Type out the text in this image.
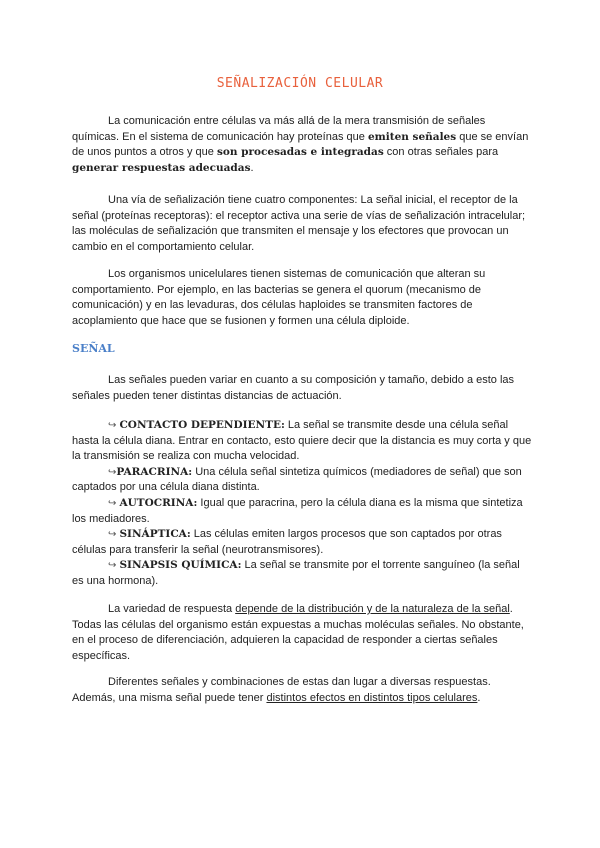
SEÑALIZACIÓN CELULAR

La comunicación entre células va más allá de la mera transmisión de señales químicas. En el sistema de comunicación hay proteínas que emiten señales que se envían de unos puntos a otros y que son procesadas e integradas con otras señales para generar respuestas adecuadas.

Una vía de señalización tiene cuatro componentes: La señal inicial, el receptor de la señal (proteínas receptoras): el receptor activa una serie de vías de señalización intracelular; las moléculas de señalización que transmiten el mensaje y los efectores que provocan un cambio en el comportamiento celular.

Los organismos unicelulares tienen sistemas de comunicación que alteran su comportamiento. Por ejemplo, en las bacterias se genera el quorum (mecanismo de comunicación) y en las levaduras, dos células haploides se transmiten factores de acoplamiento que hace que se fusionen y formen una célula diploide.

SEÑAL

Las señales pueden variar en cuanto a su composición y tamaño, debido a esto las señales pueden tener distintas distancias de actuación.

↪ CONTACTO DEPENDIENTE: La señal se transmite desde una célula señal hasta la célula diana. Entrar en contacto, esto quiere decir que la distancia es muy corta y que la transmisión se realiza con mucha velocidad.

↪PARACRINA: Una célula señal sintetiza químicos (mediadores de señal) que son captados por una célula diana distinta.

↪ AUTOCRINA: Igual que paracrina, pero la célula diana es la misma que sintetiza los mediadores.

↪ SINÁPTICA: Las células emiten largos procesos que son captados por otras células para transferir la señal (neurotransmisores).

↪ SINAPSIS QUÍMICA: La señal se transmite por el torrente sanguíneo (la señal es una hormona).

La variedad de respuesta depende de la distribución y de la naturaleza de la señal. Todas las células del organismo están expuestas a muchas moléculas señales. No obstante, en el proceso de diferenciación, adquieren la capacidad de responder a ciertas señales específicas.

Diferentes señales y combinaciones de estas dan lugar a diversas respuestas. Además, una misma señal puede tener distintos efectos en distintos tipos celulares.
